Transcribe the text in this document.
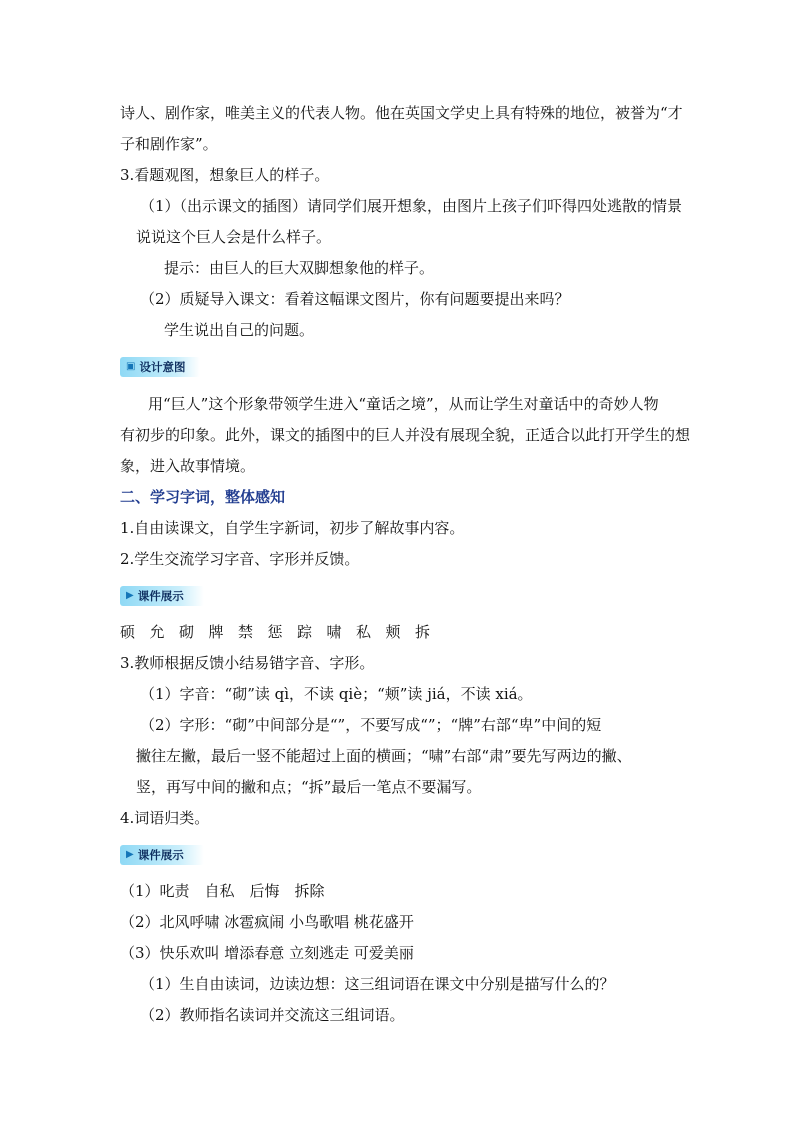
诗人、剧作家，唯美主义的代表人物。他在英国文学史上具有特殊的地位，被誉为“才
子和剧作家”。
3.看题观图，想象巨人的样子。
（1）（出示课文的插图）请同学们展开想象，由图片上孩子们吓得四处逃散的情景
说说这个巨人会是什么样子。
提示：由巨人的巨大双脚想象他的样子。
（2）质疑导入课文：看着这幅课文图片，你有问题要提出来吗？
学生说出自己的问题。
▣ 设计意图
用“巨人”这个形象带领学生进入“童话之境”，从而让学生对童话中的奇妙人物
有初步的印象。此外，课文的插图中的巨人并没有展现全貌，正适合以此打开学生的想
象，进入故事情境。
二、学习字词，整体感知
1.自由读课文，自学生字新词，初步了解故事内容。
2.学生交流学习字音、字形并反馈。
▶ 课件展示
硕允砌牌禁惩踪啸私颊拆
3.教师根据反馈小结易错字音、字形。
（1）字音：“砌”读 qì，不读 qiè；“颊”读 jiá，不读 xiá。
（2）字形：“砌”中间部分是“”，不要写成“”；“牌”右部“卑”中间的短
撇往左撇，最后一竖不能超过上面的横画；“啸”右部“肃”要先写两边的撇、
竖，再写中间的撇和点；“拆”最后一笔点不要漏写。
4.词语归类。
▶ 课件展示
（1）叱责　自私　后悔　拆除
（2）北风呼啸 冰雹疯闹 小鸟歌唱 桃花盛开
（3）快乐欢叫 增添春意 立刻逃走 可爱美丽
（1）生自由读词，边读边想：这三组词语在课文中分别是描写什么的？
（2）教师指名读词并交流这三组词语。
